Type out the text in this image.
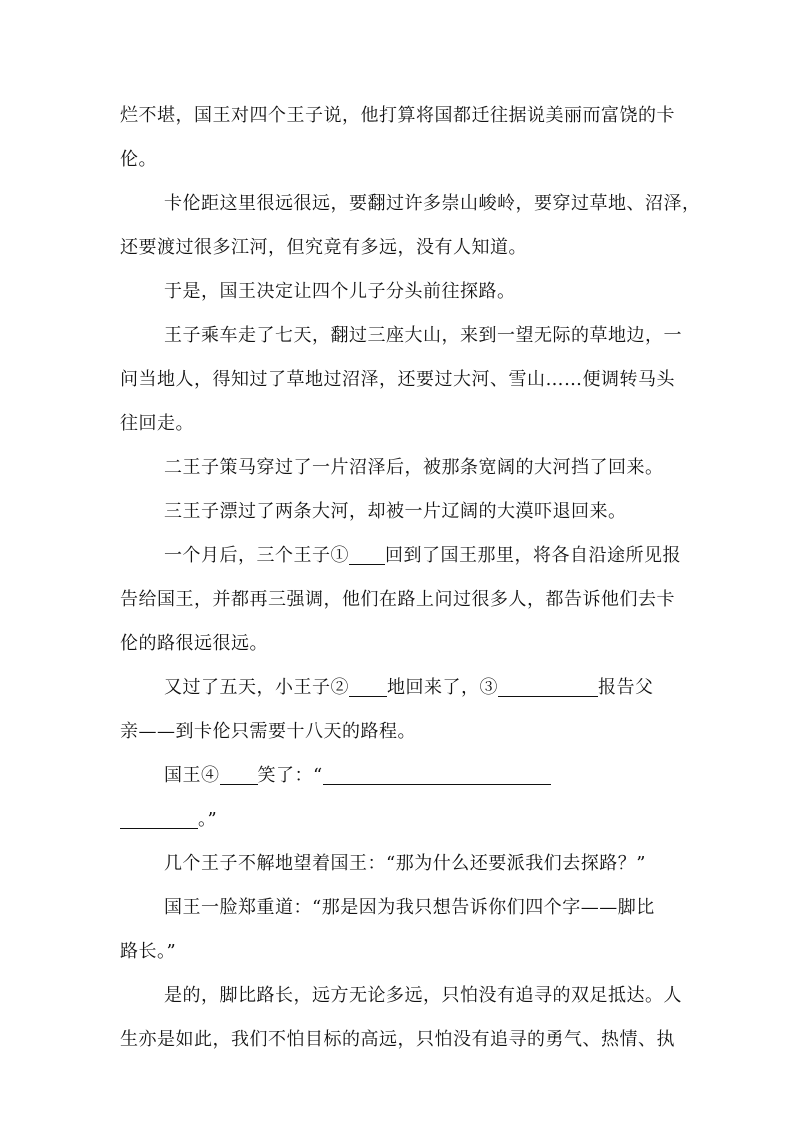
烂不堪，国王对四个王子说，他打算将国都迁往据说美丽而富饶的卡
伦。
卡伦距这里很远很远，要翻过许多崇山峻岭，要穿过草地、沼泽，
还要渡过很多江河，但究竟有多远，没有人知道。
于是，国王决定让四个儿子分头前往探路。
王子乘车走了七天，翻过三座大山，来到一望无际的草地边，一
问当地人，得知过了草地过沼泽，还要过大河、雪山……便调转马头
往回走。
二王子策马穿过了一片沼泽后，被那条宽阔的大河挡了回来。
三王子漂过了两条大河，却被一片辽阔的大漠吓退回来。
一个月后，三个王子① 回到了国王那里，将各自沿途所见报
告给国王，并都再三强调，他们在路上问过很多人，都告诉他们去卡
伦的路很远很远。
又过了五天，小王子② 地回来了，③	报告父
亲——到卡伦只需要十八天的路程。
国王④ 笑了：“
。”
几个王子不解地望着国王：“那为什么还要派我们去探路？”
国王一脸郑重道：“那是因为我只想告诉你们四个字——脚比
路长。”
是的，脚比路长，远方无论多远，只怕没有追寻的双足抵达。人
生亦是如此，我们不怕目标的高远，只怕没有追寻的勇气、热情、执
